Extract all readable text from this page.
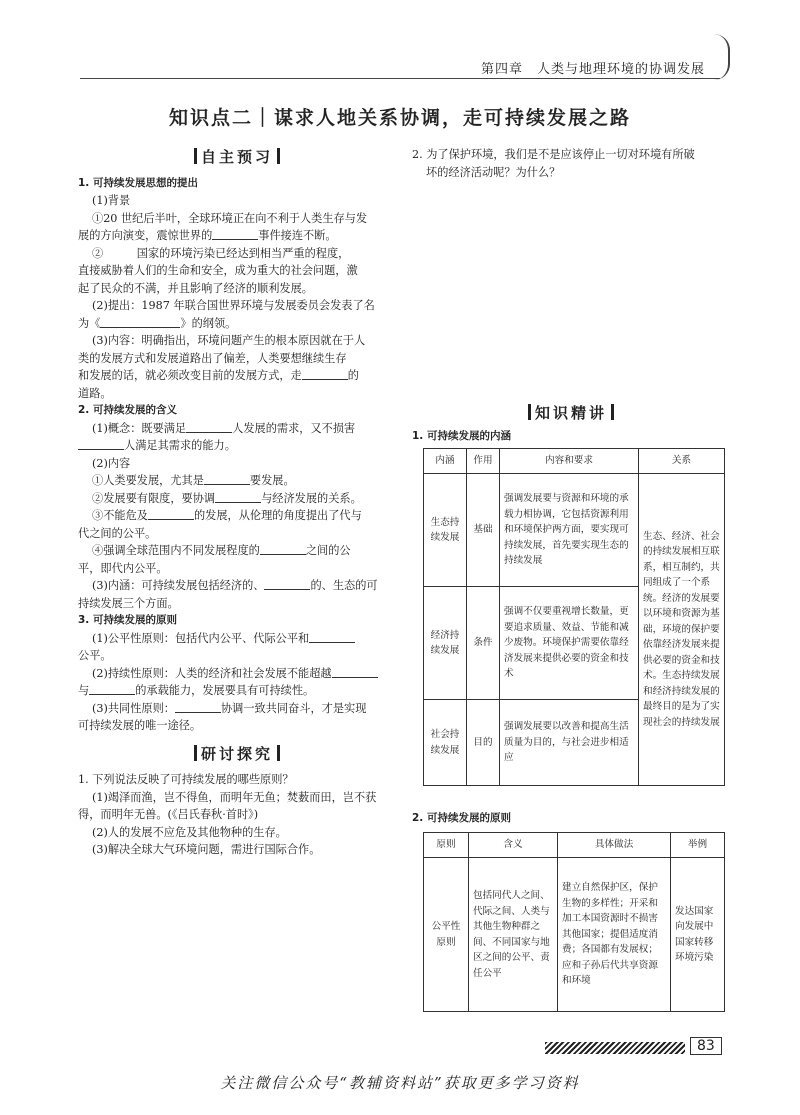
第四章　人类与地理环境的协调发展
知识点二｜谋求人地关系协调，走可持续发展之路
自主预习

1. 可持续发展思想的提出

(1)背景

①20 世纪后半叶，全球环境正在向不利于人类生存与发

展的方向演变，震惊世界的	事件接连不断。

②　　　国家的环境污染已经达到相当严重的程度，

直接威胁着人们的生命和安全，成为重大的社会问题，激

起了民众的不满，并且影响了经济的顺利发展。

(2)提出：1987 年联合国世界环境与发展委员会发表了名

为《	》的纲领。

(3)内容：明确指出，环境问题产生的根本原因就在于人

类的发展方式和发展道路出了偏差，人类要想继续生存

和发展的话，就必须改变目前的发展方式，走	的

道路。

2. 可持续发展的含义

(1)概念：既要满足	人发展的需求，又不损害

人满足其需求的能力。

(2)内容

①人类要发展，尤其是	要发展。

②发展要有限度，要协调	与经济发展的关系。

③不能危及	的发展，从伦理的角度提出了代与

代之间的公平。

④强调全球范围内不同发展程度的	之间的公

平，即代内公平。

(3)内涵：可持续发展包括经济的、	的、生态的可

持续发展三个方面。

3. 可持续发展的原则

(1)公平性原则：包括代内公平、代际公平和

公平。

(2)持续性原则：人类的经济和社会发展不能超越

与	的承载能力，发展要具有可持续性。

(3)共同性原则：	协调一致共同奋斗，才是实现

可持续发展的唯一途径。

研讨探究

1. 下列说法反映了可持续发展的哪些原则？

(1)竭泽而渔，岂不得鱼，而明年无鱼；焚薮而田，岂不获

得，而明年无兽。(《吕氏春秋·首时》)

(2)人的发展不应危及其他物种的生存。

(3)解决全球大气环境问题，需进行国际合作。

2. 为了保护环境，我们是不是应该停止一切对环境有所破

坏的经济活动呢？为什么？

知识精讲
1. 可持续发展的内涵
内涵	作用	内容和要求	关系
生态持续发展	基础	强调发展要与资源和环境的承载力相协调，它包括资源利用和环境保护两方面，要实现可持续发展，首先要实现生态的持续发展	生态、经济、社会的持续发展相互联系，相互制约，共同组成了一个系统。经济的发展要以环境和资源为基础，环境的保护要依靠经济发展来提供必要的资金和技术。生态持续发展和经济持续发展的最终目的是为了实现社会的持续发展
经济持续发展	条件	强调不仅要重视增长数量，更要追求质量、效益、节能和减少废物。环境保护需要依靠经济发展来提供必要的资金和技术	
社会持续发展	目的	强调发展要以改善和提高生活质量为目的，与社会进步相适应	
2. 可持续发展的原则
原则	含义	具体做法	举例
公平性原则	包括同代人之间、代际之间、人类与其他生物种群之间、不同国家与地区之间的公平、责任公平	建立自然保护区，保护生物的多样性；开采和加工本国资源时不损害其他国家；提倡适度消费；各国都有发展权；应和子孙后代共享资源和环境	发达国家向发展中国家转移环境污染
83
关注微信公众号“教辅资料站”获取更多学习资料
